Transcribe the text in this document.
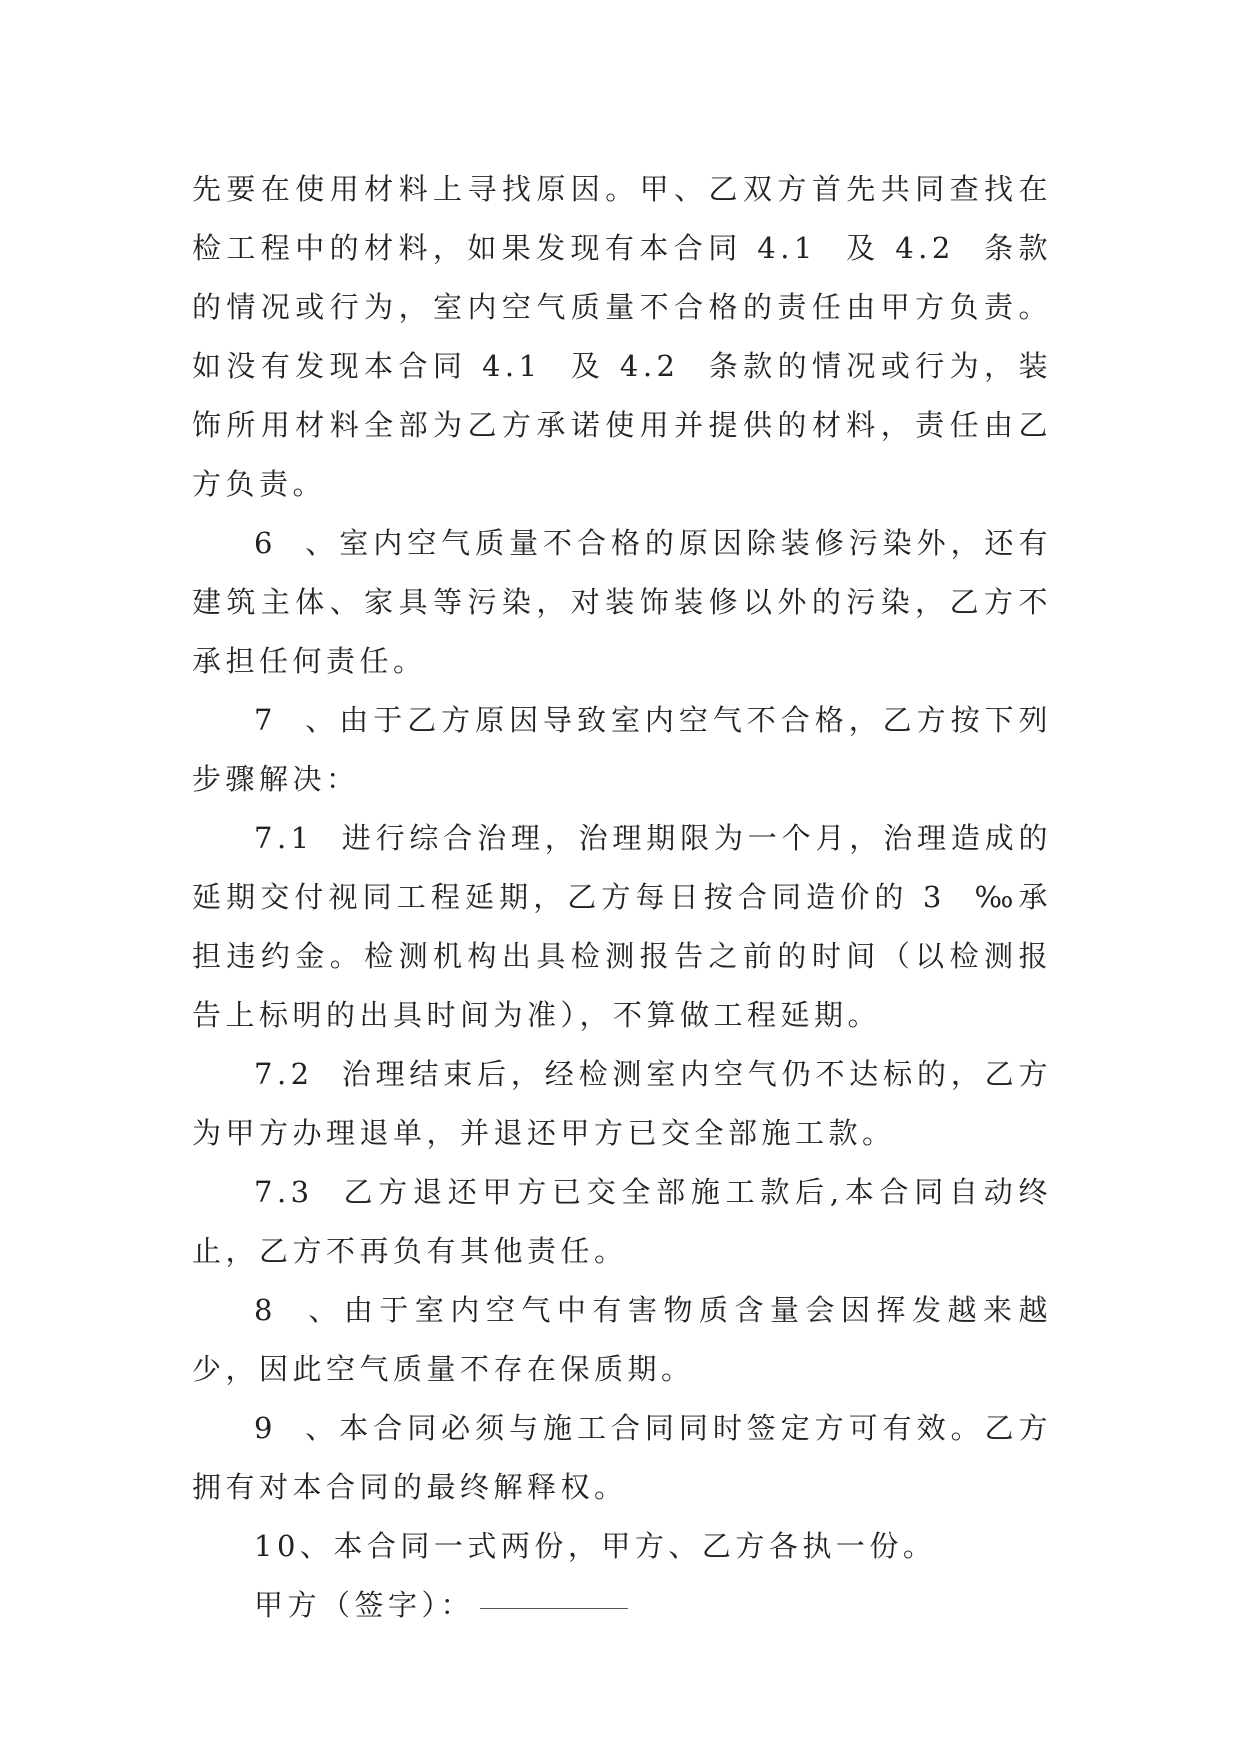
先要在使用材料上寻找原因。甲、乙双方首先共同查找在检工程中的材料，如果发现有本合同 4.1  及 4.2  条款的情况或行为，室内空气质量不合格的责任由甲方负责。如没有发现本合同 4.1  及 4.2  条款的情况或行为，装饰所用材料全部为乙方承诺使用并提供的材料，责任由乙方负责。

6  、室内空气质量不合格的原因除装修污染外，还有建筑主体、家具等污染，对装饰装修以外的污染，乙方不承担任何责任。

7  、由于乙方原因导致室内空气不合格，乙方按下列步骤解决：

7.1  进行综合治理，治理期限为一个月，治理造成的延期交付视同工程延期，乙方每日按合同造价的 3  ‰承担违约金。检测机构出具检测报告之前的时间（以检测报告上标明的出具时间为准），不算做工程延期。

7.2  治理结束后，经检测室内空气仍不达标的，乙方为甲方办理退单，并退还甲方已交全部施工款。

7.3  乙方退还甲方已交全部施工款后,本合同自动终止，乙方不再负有其他责任。

8  、由于室内空气中有害物质含量会因挥发越来越少，因此空气质量不存在保质期。

9  、本合同必须与施工合同同时签定方可有效。乙方拥有对本合同的最终解释权。

10、本合同一式两份，甲方、乙方各执一份。

甲方（签字）：
